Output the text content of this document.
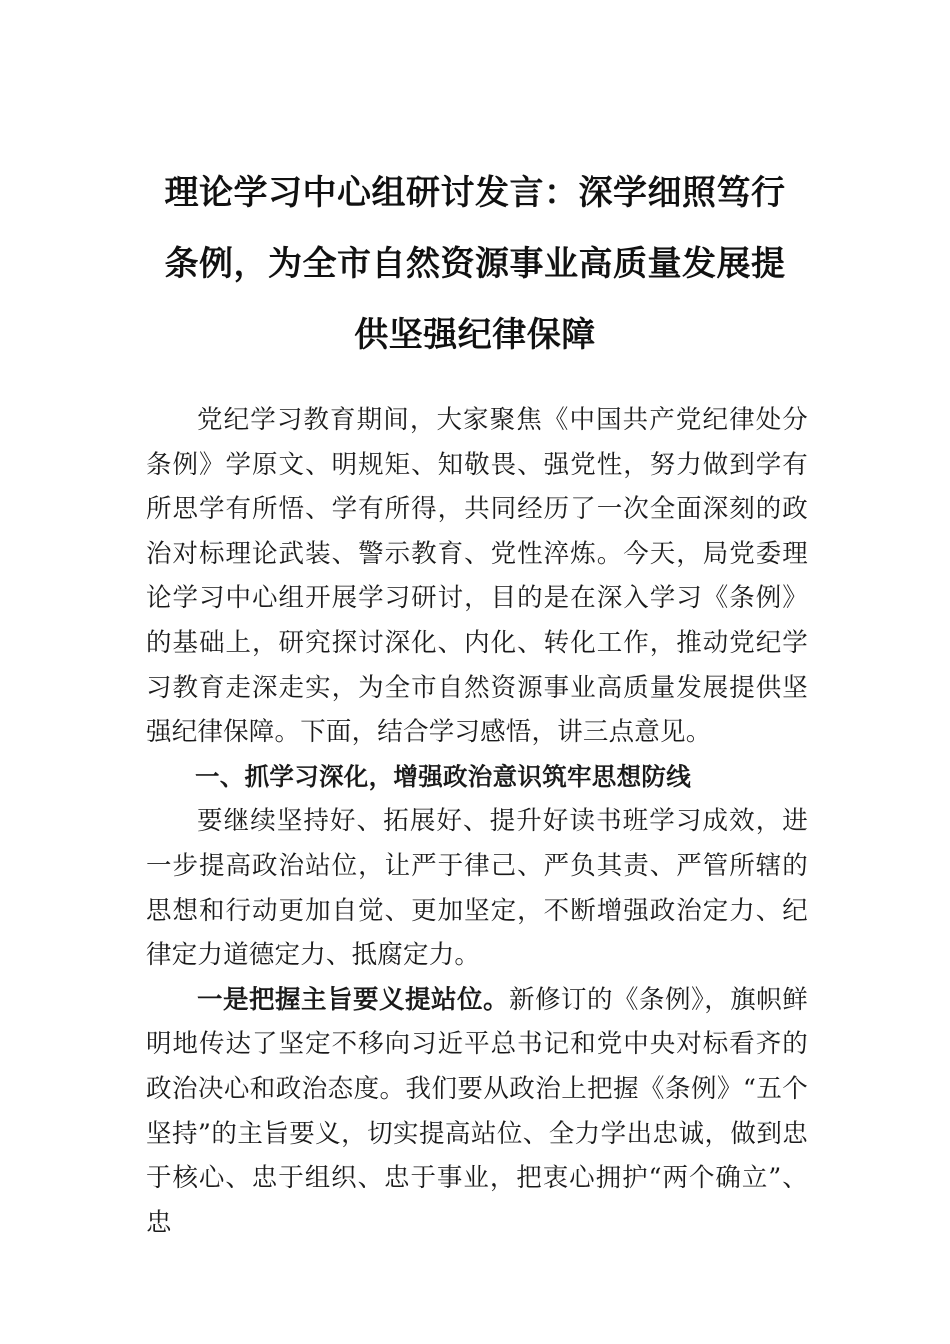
理论学习中心组研讨发言：深学细照笃行
条例，为全市自然资源事业高质量发展提
供坚强纪律保障

党纪学习教育期间，大家聚焦《中国共产党纪律处分条例》学原文、明规矩、知敬畏、强党性，努力做到学有所思学有所悟、学有所得，共同经历了一次全面深刻的政治对标理论武装、警示教育、党性淬炼。今天，局党委理论学习中心组开展学习研讨，目的是在深入学习《条例》的基础上，研究探讨深化、内化、转化工作，推动党纪学习教育走深走实，为全市自然资源事业高质量发展提供坚强纪律保障。下面，结合学习感悟，讲三点意见。

一、抓学习深化，增强政治意识筑牢思想防线

要继续坚持好、拓展好、提升好读书班学习成效，进一步提高政治站位，让严于律己、严负其责、严管所辖的思想和行动更加自觉、更加坚定，不断增强政治定力、纪律定力道德定力、抵腐定力。

一是把握主旨要义提站位。新修订的《条例》，旗帜鲜明地传达了坚定不移向习近平总书记和党中央对标看齐的政治决心和政治态度。我们要从政治上把握《条例》“五个坚持”的主旨要义，切实提高站位、全力学出忠诚，做到忠于核心、忠于组织、忠于事业，把衷心拥护“两个确立”、忠
